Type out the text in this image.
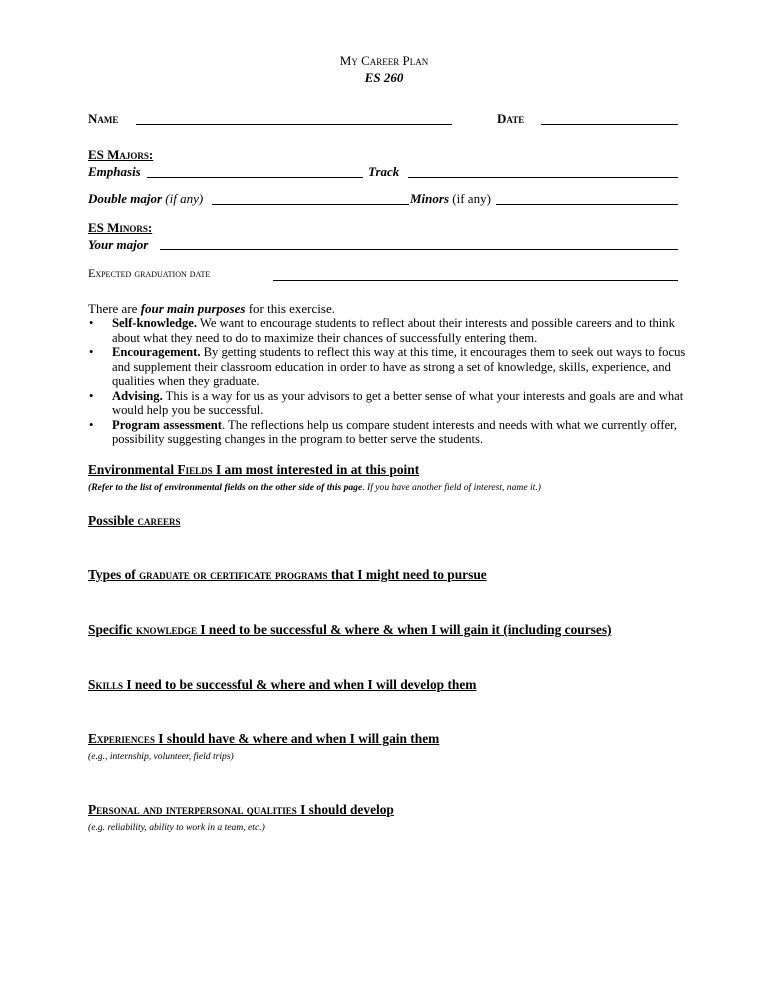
My Career Plan
ES 260
Name	Date
ES Majors:
Emphasis	Track
Double major (if any)	Minors (if any)
ES Minors:
Your major
Expected graduation date
There are four main purposes for this exercise.
• Self-knowledge. We want to encourage students to reflect about their interests and possible careers and to think about what they need to do to maximize their chances of successfully entering them.
• Encouragement. By getting students to reflect this way at this time, it encourages them to seek out ways to focus and supplement their classroom education in order to have as strong a set of knowledge, skills, experience, and qualities when they graduate.
• Advising. This is a way for us as your advisors to get a better sense of what your interests and goals are and what would help you be successful.
• Program assessment. The reflections help us compare student interests and needs with what we currently offer, possibility suggesting changes in the program to better serve the students.
Environmental Fields I am most interested in at this point
(Refer to the list of environmental fields on the other side of this page. If you have another field of interest, name it.)
Possible careers
Types of graduate or certificate programs that I might need to pursue
Specific knowledge I need to be successful & where & when I will gain it (including courses)
Skills I need to be successful & where and when I will develop them
Experiences I should have & where and when I will gain them
(e.g., internship, volunteer, field trips)
Personal and interpersonal qualities I should develop
(e.g. reliability, ability to work in a team, etc.)
